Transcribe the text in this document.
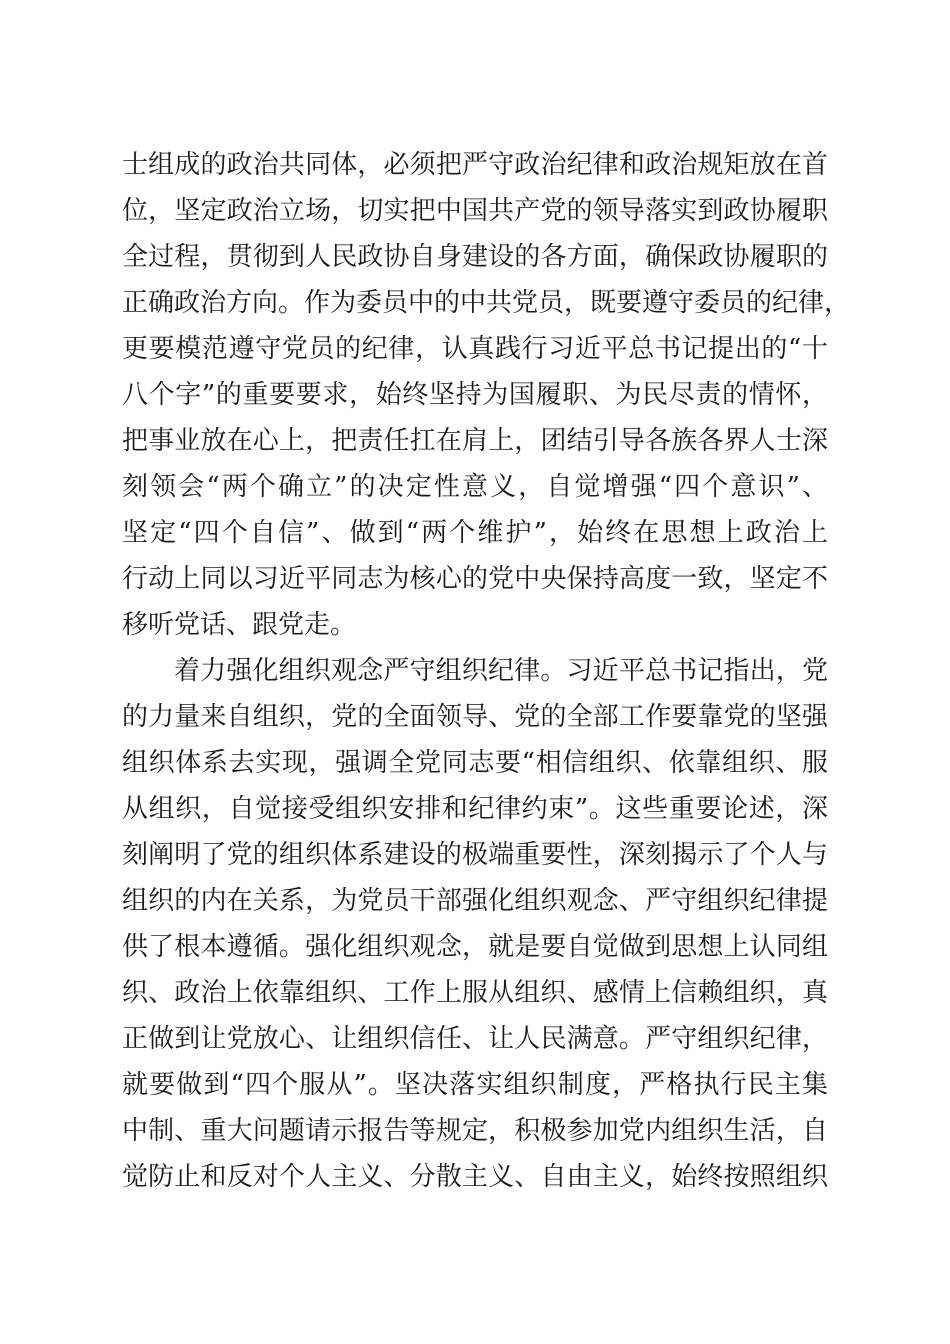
士组成的政治共同体，必须把严守政治纪律和政治规矩放在首
位，坚定政治立场，切实把中国共产党的领导落实到政协履职
全过程，贯彻到人民政协自身建设的各方面，确保政协履职的
正确政治方向。作为委员中的中共党员，既要遵守委员的纪律，
更要模范遵守党员的纪律，认真践行习近平总书记提出的“十
八个字”的重要要求，始终坚持为国履职、为民尽责的情怀，
把事业放在心上，把责任扛在肩上，团结引导各族各界人士深
刻领会“两个确立”的决定性意义，自觉增强“四个意识”、
坚定“四个自信”、做到“两个维护”，始终在思想上政治上
行动上同以习近平同志为核心的党中央保持高度一致，坚定不
移听党话、跟党走。
着力强化组织观念严守组织纪律。习近平总书记指出，党
的力量来自组织，党的全面领导、党的全部工作要靠党的坚强
组织体系去实现，强调全党同志要“相信组织、依靠组织、服
从组织，自觉接受组织安排和纪律约束”。这些重要论述，深
刻阐明了党的组织体系建设的极端重要性，深刻揭示了个人与
组织的内在关系，为党员干部强化组织观念、严守组织纪律提
供了根本遵循。强化组织观念，就是要自觉做到思想上认同组
织、政治上依靠组织、工作上服从组织、感情上信赖组织，真
正做到让党放心、让组织信任、让人民满意。严守组织纪律，
就要做到“四个服从”。坚决落实组织制度，严格执行民主集
中制、重大问题请示报告等规定，积极参加党内组织生活，自
觉防止和反对个人主义、分散主义、自由主义，始终按照组织
